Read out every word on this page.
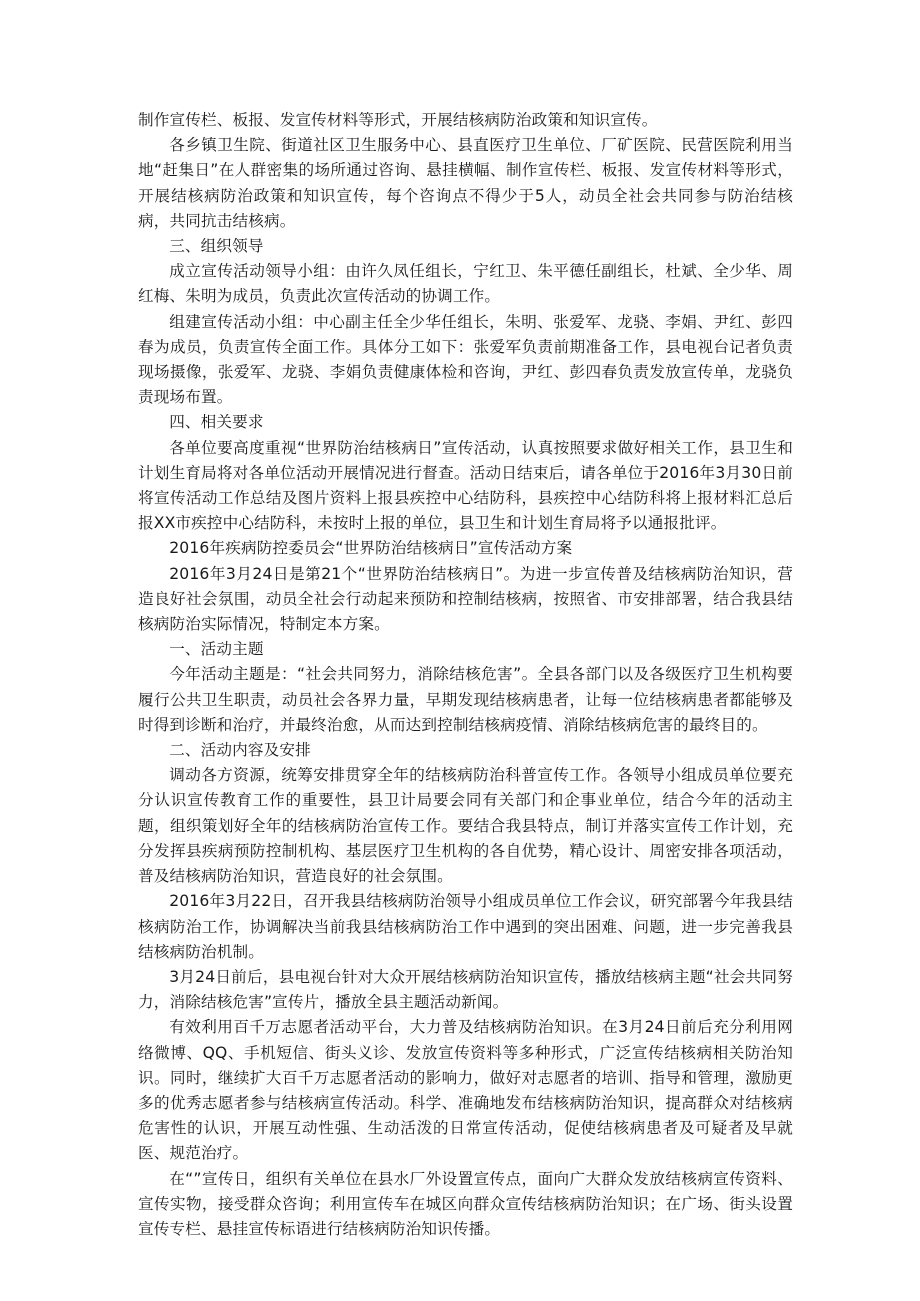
制作宣传栏、板报、发宣传材料等形式，开展结核病防治政策和知识宣传。

各乡镇卫生院、街道社区卫生服务中心、县直医疗卫生单位、厂矿医院、民营医院利用当地“赶集日”在人群密集的场所通过咨询、悬挂横幅、制作宣传栏、板报、发宣传材料等形式，开展结核病防治政策和知识宣传，每个咨询点不得少于5人，动员全社会共同参与防治结核病，共同抗击结核病。

三、组织领导

成立宣传活动领导小组：由许久凤任组长，宁红卫、朱平德任副组长，杜斌、全少华、周红梅、朱明为成员，负责此次宣传活动的协调工作。

组建宣传活动小组：中心副主任全少华任组长，朱明、张爱军、龙骁、李娟、尹红、彭四春为成员，负责宣传全面工作。具体分工如下：张爱军负责前期准备工作，县电视台记者负责现场摄像，张爱军、龙骁、李娟负责健康体检和咨询，尹红、彭四春负责发放宣传单，龙骁负责现场布置。

四、相关要求

各单位要高度重视“世界防治结核病日”宣传活动，认真按照要求做好相关工作，县卫生和计划生育局将对各单位活动开展情况进行督查。活动日结束后，请各单位于2016年3月30日前将宣传活动工作总结及图片资料上报县疾控中心结防科，县疾控中心结防科将上报材料汇总后报XX市疾控中心结防科，未按时上报的单位，县卫生和计划生育局将予以通报批评。

2016年疾病防控委员会“世界防治结核病日”宣传活动方案

2016年3月24日是第21个“世界防治结核病日”。为进一步宣传普及结核病防治知识，营造良好社会氛围，动员全社会行动起来预防和控制结核病，按照省、市安排部署，结合我县结核病防治实际情况，特制定本方案。

一、活动主题

今年活动主题是：“社会共同努力，消除结核危害”。全县各部门以及各级医疗卫生机构要履行公共卫生职责，动员社会各界力量，早期发现结核病患者，让每一位结核病患者都能够及时得到诊断和治疗，并最终治愈，从而达到控制结核病疫情、消除结核病危害的最终目的。

二、活动内容及安排

调动各方资源，统筹安排贯穿全年的结核病防治科普宣传工作。各领导小组成员单位要充分认识宣传教育工作的重要性，县卫计局要会同有关部门和企事业单位，结合今年的活动主题，组织策划好全年的结核病防治宣传工作。要结合我县特点，制订并落实宣传工作计划，充分发挥县疾病预防控制机构、基层医疗卫生机构的各自优势，精心设计、周密安排各项活动，普及结核病防治知识，营造良好的社会氛围。

2016年3月22日，召开我县结核病防治领导小组成员单位工作会议，研究部署今年我县结核病防治工作，协调解决当前我县结核病防治工作中遇到的突出困难、问题，进一步完善我县结核病防治机制。

3月24日前后，县电视台针对大众开展结核病防治知识宣传，播放结核病主题“社会共同努力，消除结核危害”宣传片，播放全县主题活动新闻。

有效利用百千万志愿者活动平台，大力普及结核病防治知识。在3月24日前后充分利用网络微博、QQ、手机短信、街头义诊、发放宣传资料等多种形式，广泛宣传结核病相关防治知识。同时，继续扩大百千万志愿者活动的影响力，做好对志愿者的培训、指导和管理，激励更多的优秀志愿者参与结核病宣传活动。科学、准确地发布结核病防治知识，提高群众对结核病危害性的认识，开展互动性强、生动活泼的日常宣传活动，促使结核病患者及可疑者及早就医、规范治疗。

在“”宣传日，组织有关单位在县水厂外设置宣传点，面向广大群众发放结核病宣传资料、宣传实物，接受群众咨询；利用宣传车在城区向群众宣传结核病防治知识；在广场、街头设置宣传专栏、悬挂宣传标语进行结核病防治知识传播。
